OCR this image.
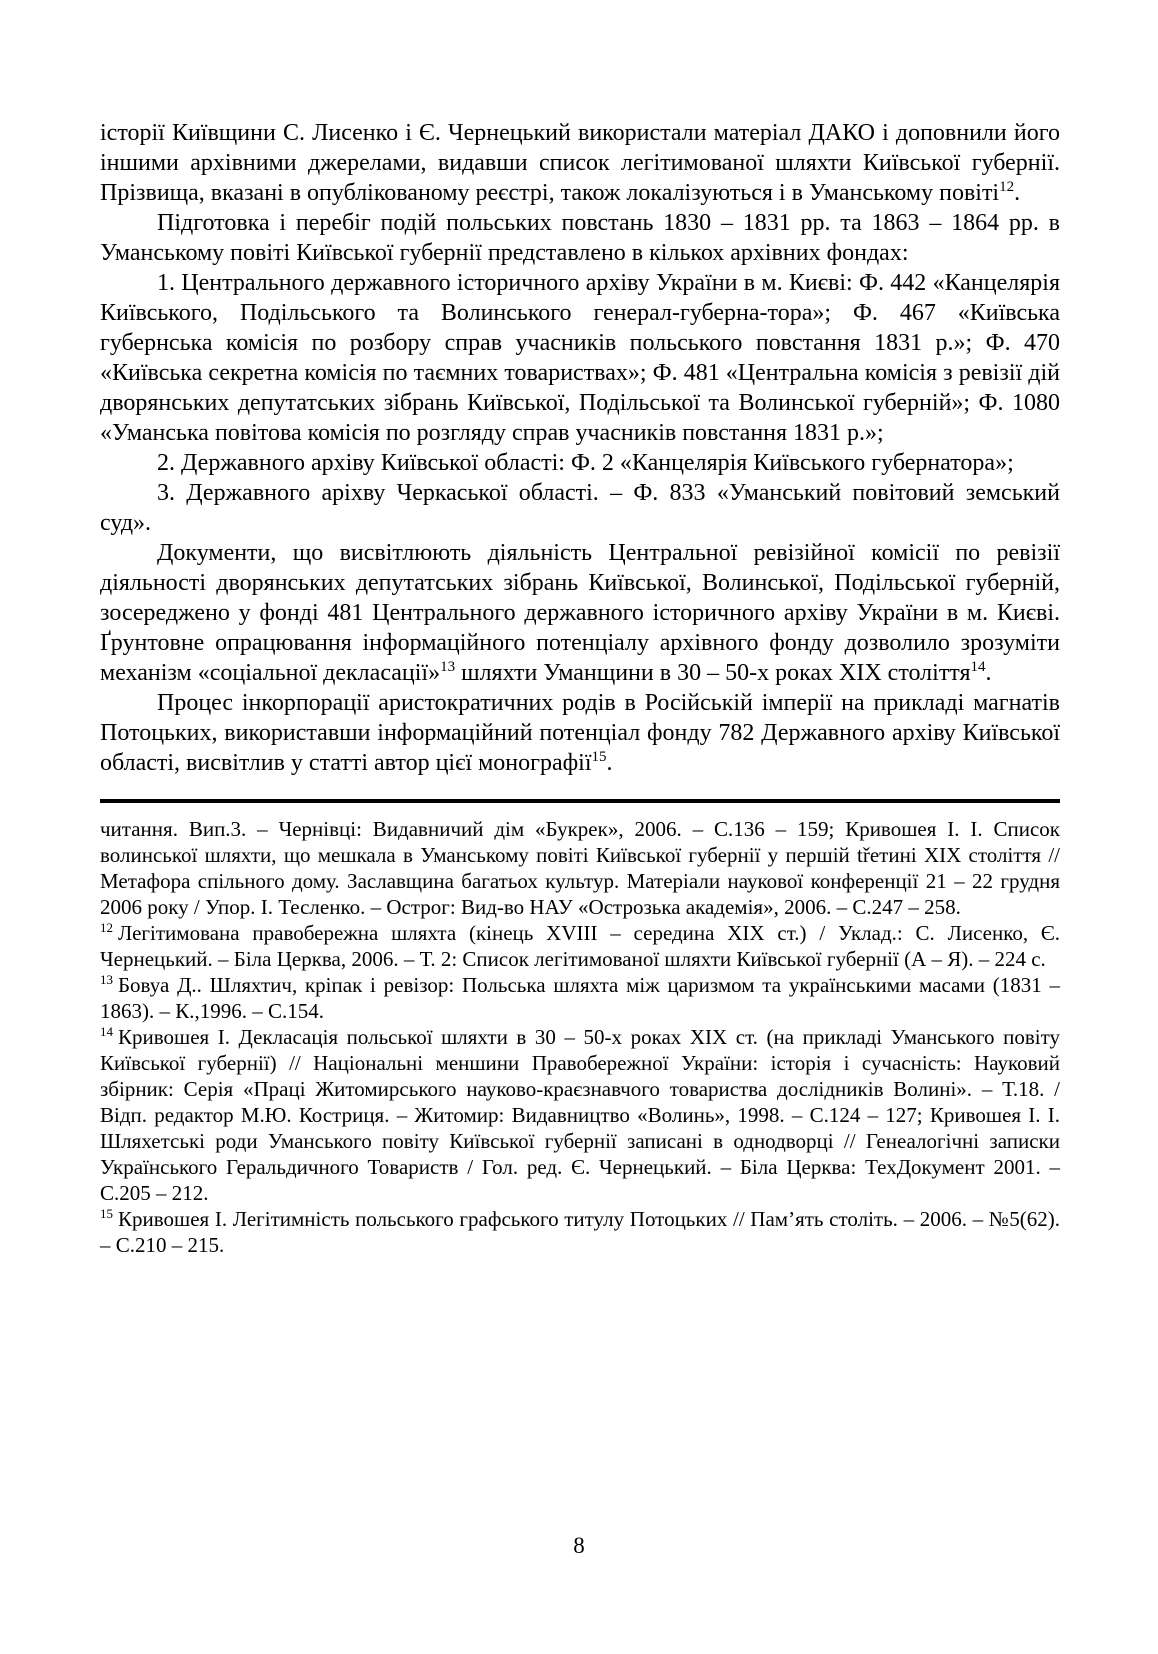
історії Київщини С. Лисенко і Є. Чернецький використали матеріал ДАКО і доповнили його іншими архівними джерелами, видавши список легітимованої шляхти Київської губернії. Прізвища, вказані в опублікованому реєстрі, також локалізуються і в Уманському повіті$^{12}$.

Підготовка і перебіг подій польських повстань 1830 – 1831 рр. та 1863 – 1864 рр. в Уманському повіті Київської губернії представлено в кількох архівних фондах:

1. Центрального державного історичного архіву України в м. Києві: Ф. 442 «Канцелярія Київського, Подільського та Волинського генерал-губерна-тора»; Ф. 467 «Київська губернська комісія по розбору справ учасників польського повстання 1831 р.»; Ф. 470 «Київська секретна комісія по таємних товариствах»; Ф. 481 «Центральна комісія з ревізії дій дворянських депутатських зібрань Київської, Подільської та Волинської губерній»; Ф. 1080 «Уманська повітова комісія по розгляду справ учасників повстання 1831 р.»;

2. Державного архіву Київської області: Ф. 2 «Канцелярія Київського губернатора»;

3. Державного аріхву Черкаської області. – Ф. 833 «Уманський повітовий земський суд».

Документи, що висвітлюють діяльність Центральної ревізійної комісії по ревізії діяльності дворянських депутатських зібрань Київської, Волинської, Подільської губерній, зосереджено у фонді 481 Центрального державного історичного архіву України в м. Києві. Ґрунтовне опрацювання інформаційного потенціалу архівного фонду дозволило зрозуміти механізм «соціальної декласації»$^{13}$ шляхти Уманщини в 30 – 50-х роках XIX століття$^{14}$.

Процес інкорпорації аристократичних родів в Російській імперії на прикладі магнатів Потоцьких, використавши інформаційний потенціал фонду 782 Державного архіву Київської області, висвітлив у статті автор цієї монографії$^{15}$.

читання. Вип.3. – Чернівці: Видавничий дім «Букрек», 2006. – С.136 – 159; Кривошея І. І. Список волинської шляхти, що мешкала в Уманському повіті Київської губернії у першій třетині XIX століття // Метафора спільного дому. Заславщина багатьох культур. Матеріали наукової конференції 21 – 22 грудня 2006 року / Упор. І. Тесленко. – Острог: Вид-во НАУ «Острозька академія», 2006. – С.247 – 258.

$^{12}$ Легітимована правобережна шляхта (кінець XVIII – середина XIX ст.) / Уклад.: С. Лисенко, Є. Чернецький. – Біла Церква, 2006. – Т. 2: Список легітимованої шляхти Київської губернії (А – Я). – 224 с.

$^{13}$ Бовуа Д.. Шляхтич, кріпак і ревізор: Польська шляхта між царизмом та українськими масами (1831 – 1863). – К.,1996. – С.154.

$^{14}$ Кривошея І. Декласація польської шляхти в 30 – 50-х роках XIX ст. (на прикладі Уманського повіту Київської губернії) // Національні меншини Правобережної України: історія і сучасність: Науковий збірник: Серія «Праці Житомирського науково-краєзнавчого товариства дослідників Волині». – Т.18. / Відп. редактор М.Ю. Костриця. – Житомир: Видавництво «Волинь», 1998. – С.124 – 127; Кривошея І. І. Шляхетські роди Уманського повіту Київської губернії записані в однодворці // Генеалогічні записки Українського Геральдичного Товариств / Гол. ред. Є. Чернецький. – Біла Церква: ТехДокумент 2001. – С.205 – 212.

$^{15}$ Кривошея І. Легітимність польського графського титулу Потоцьких // Пам’ять століть. – 2006. – №5(62). – С.210 – 215.

8
